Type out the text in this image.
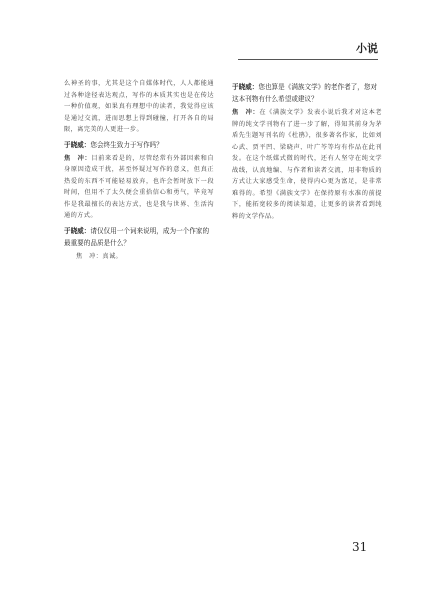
小说

么神圣的事，尤其是这个自媒体时代，人人都能通过各种途径表达观点，写作的本质其实也是在传达一种价值观，如果真有理想中的读者，我觉得应该是通过交流，进而思想上得到碰撞，打开各自的局限，离完美的人更进一步。

于晓威：您会终生致力于写作吗？

焦　冲：目前来看是的，尽管经常有外部因素和自身原因造成干扰，甚至怀疑过写作的意义，但真正热爱的东西不可能轻易放弃，也许会暂时放下一段时间，但用不了太久便会重拾信心和勇气，毕竟写作是我最擅长的表达方式，也是我与世界、生活沟通的方式。

于晓威：请仅仅用一个词来说明，成为一个作家的最重要的品质是什么？

焦　冲：真诚。

于晓威：您也算是《满族文学》的老作者了，您对这本刊物有什么希望或建议？

焦　冲：在《满族文学》发表小说后我才对这本老牌的纯文学刊物有了进一步了解，得知其前身为茅盾先生题写刊名的《杜鹃》，很多著名作家，比如刘心武、贾平凹、梁晓声、叶广芩等均有作品在此刊发。在这个纸媒式微的时代，还有人坚守在纯文学战线，认真地编、与作者和读者交流，用非物质的方式让大家感受生命，使得内心更为富足，是非常难得的。希望《满族文学》在保持原有水准的前提下，能拓宽较多的阅读渠道，让更多的读者看到纯粹的文学作品。

31
